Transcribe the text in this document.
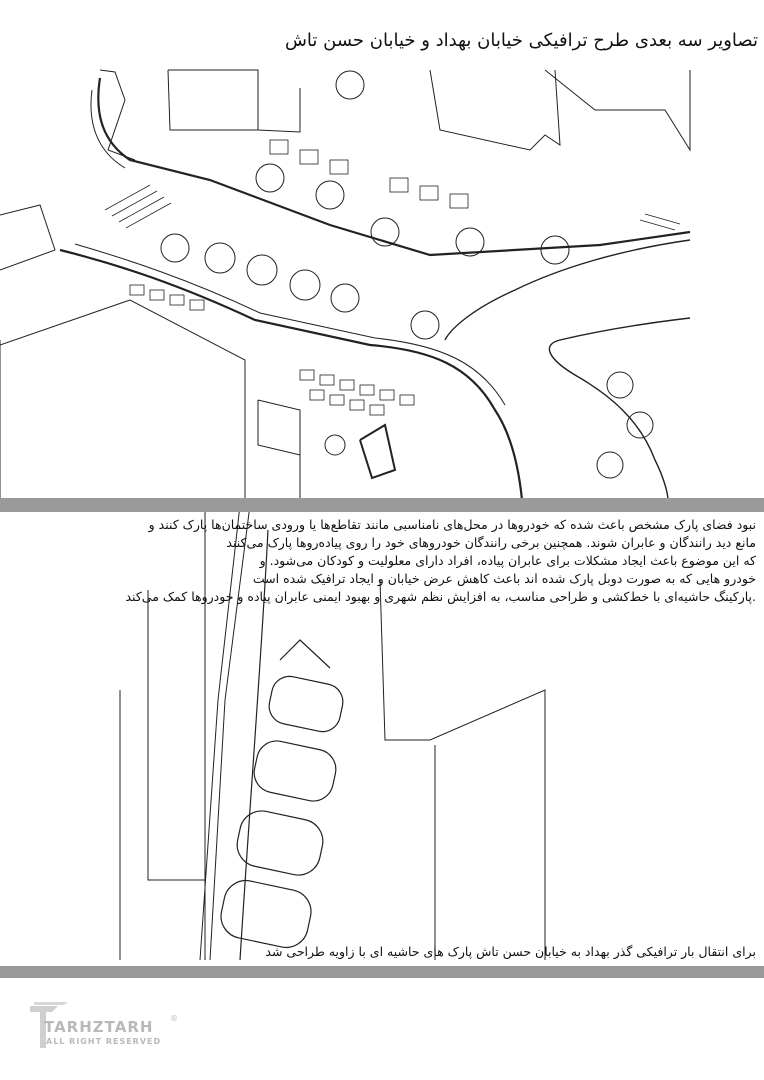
تصاویر سه بعدی طرح ترافیکی خیابان بهداد و خیابان حسن تاش

نبود فضای پارک مشخص باعث شده که خودروها در محل‌های نامناسبی مانند تقاطع‌ها یا ورودی ساختمان‌ها پارک کنند و

مانع دید رانندگان و عابران شوند. همچنین برخی رانندگان خودروهای خود را روی پیاده‌روها پارک می‌کنند

که این موضوع باعث ایجاد مشکلات برای عابران پیاده، افراد دارای معلولیت و کودکان می‌شود. و

خودرو هایی که به صورت دوبل پارک شده اند باعث کاهش عرض خیابان و ایجاد ترافیک شده است

.پارکینگ حاشیه‌ای با خط‌کشی و طراحی مناسب، به افزایش نظم شهری و بهبود ایمنی عابران پیاده و خودروها کمک می‌کند

برای انتقال بار ترافیکی گذر بهداد به خیابان حسن تاش پارک های حاشیه ای با زاویه طراحی شد
TARHZTARH
ALL RIGHT RESERVED
®
